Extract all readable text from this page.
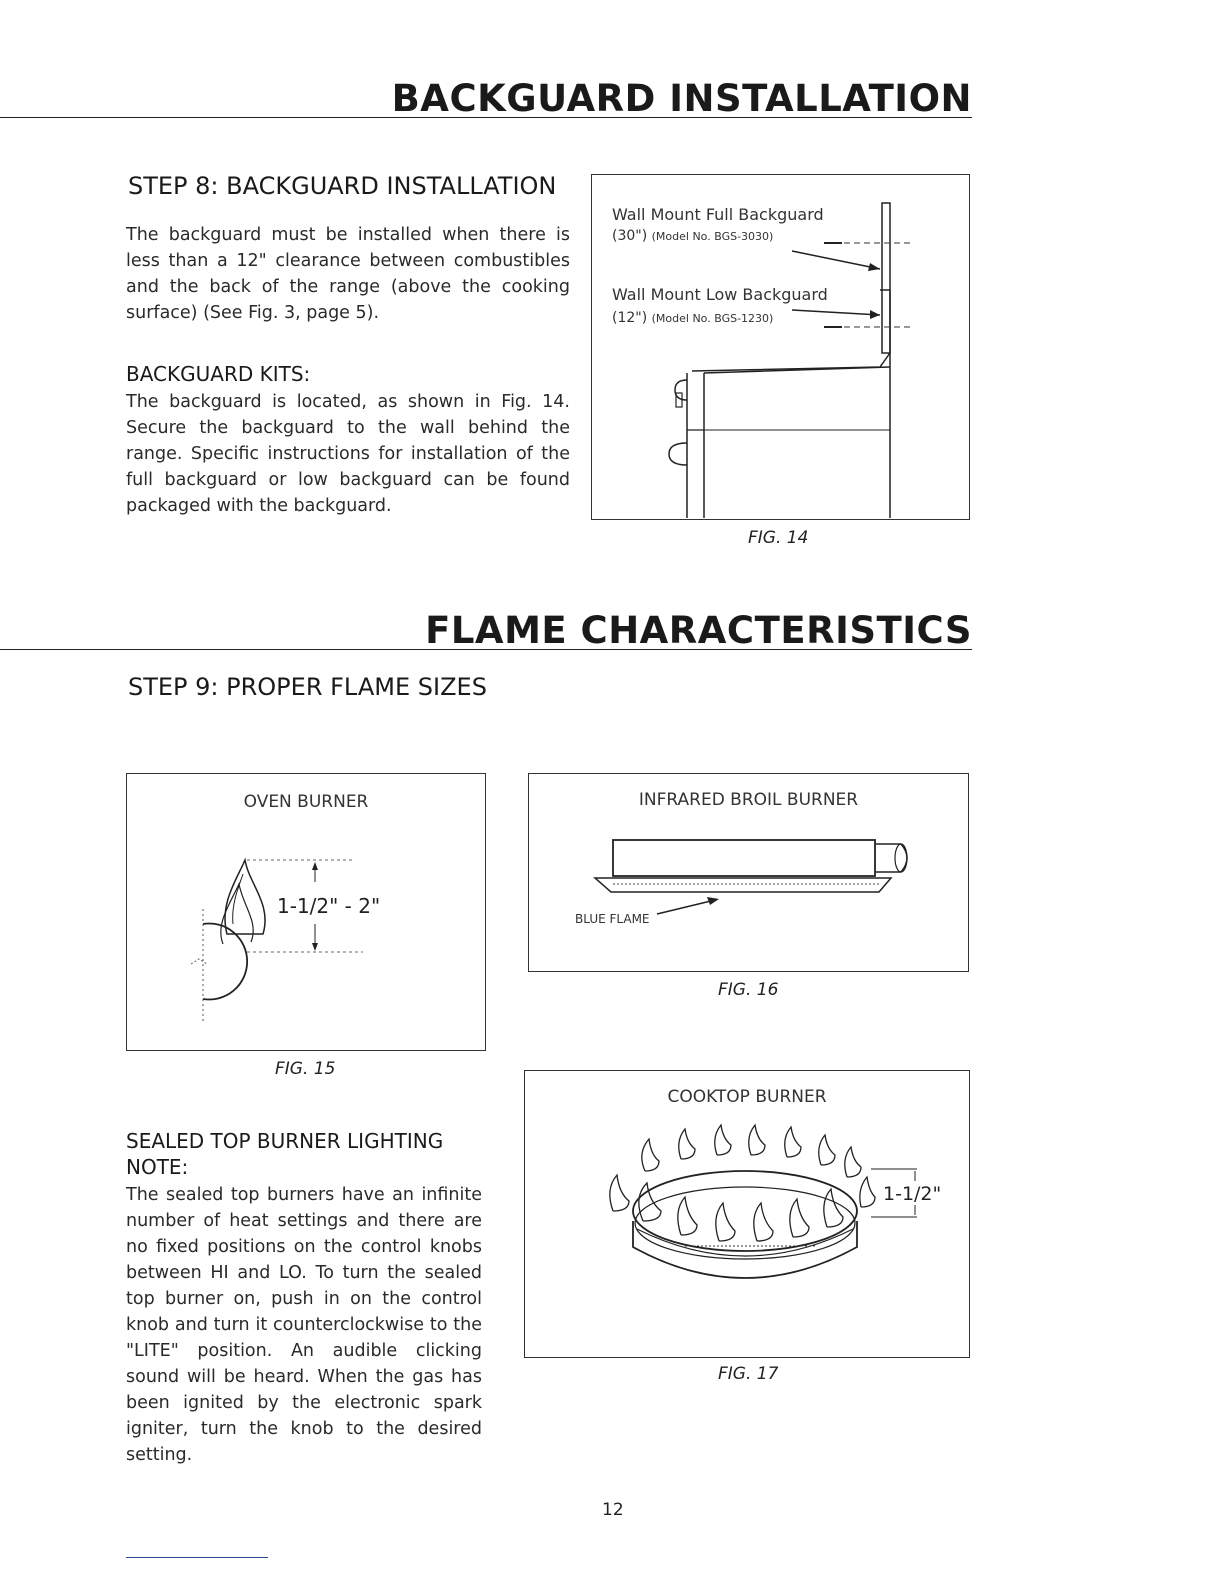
BACKGUARD INSTALLATION
STEP 8: BACKGUARD INSTALLATION
The backguard must be installed when there is less than a 12" clearance between combustibles and the back of the range (above the cooking surface) (See Fig. 3, page 5).
BACKGUARD KITS:
The backguard is located, as shown in Fig. 14. Secure the backguard to the wall behind the range. Specific instructions for installation of the full backguard or low backguard can be found packaged with the backguard.
Wall Mount Full Backguard
(30") (Model No. BGS-3030)
Wall Mount Low Backguard
(12") (Model No. BGS-1230)
FIG. 14
FLAME CHARACTERISTICS
STEP 9: PROPER FLAME SIZES
OVEN BURNER
1-1/2" - 2"
FIG. 15
INFRARED BROIL BURNER
BLUE FLAME
FIG. 16
COOKTOP BURNER
1-1/2"
FIG. 17
SEALED TOP BURNER LIGHTING
NOTE:
The sealed top burners have an infinite number of heat settings and there are no fixed positions on the control knobs between HI and LO. To turn the sealed top burner on, push in on the control knob and turn it counterclockwise to the "LITE" position. An audible clicking sound will be heard. When the gas has been ignited by the electronic spark igniter, turn the knob to the desired setting.
12
